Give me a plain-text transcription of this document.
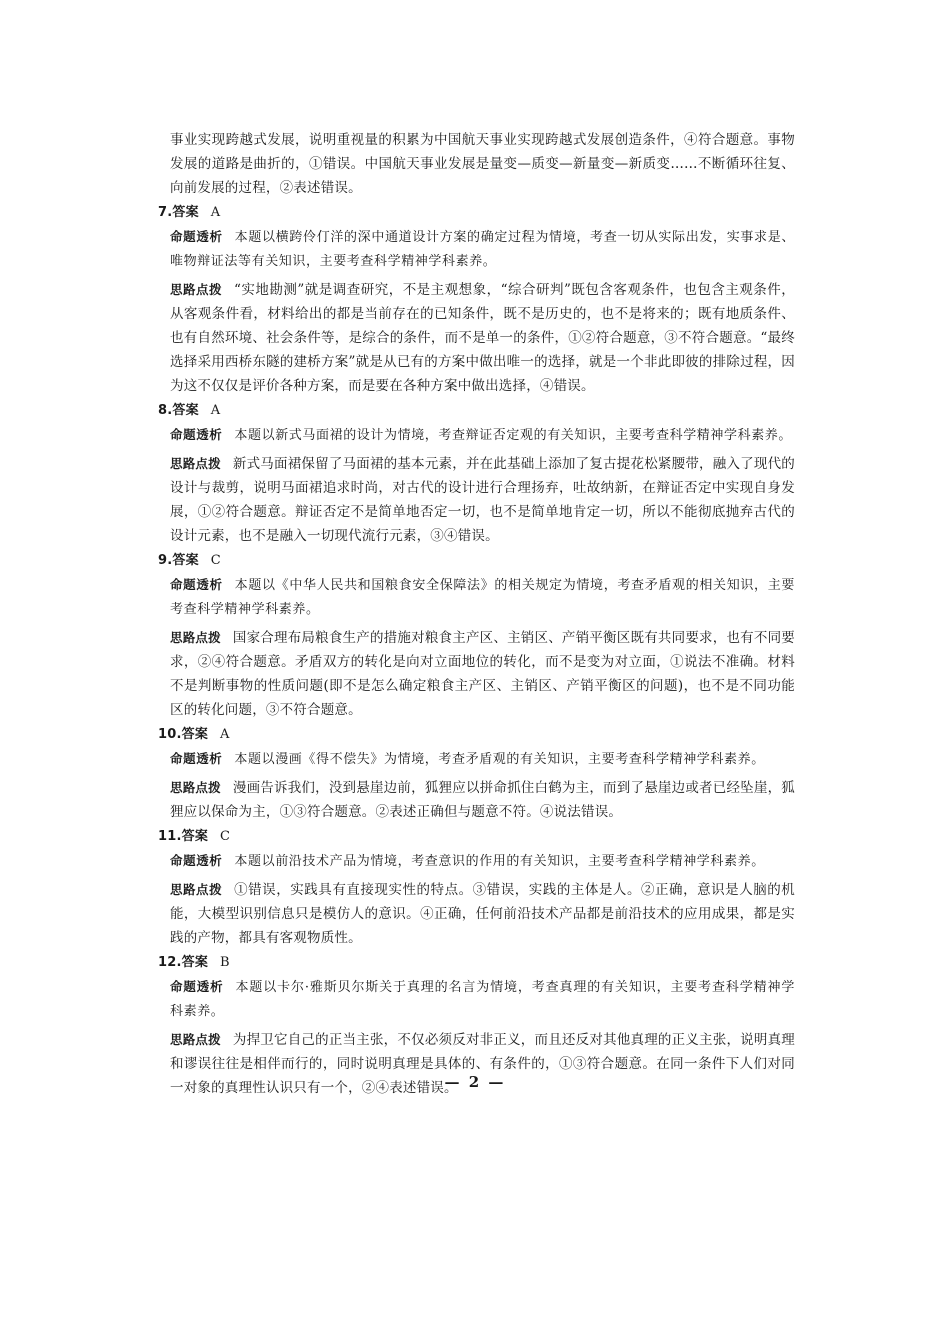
事业实现跨越式发展，说明重视量的积累为中国航天事业实现跨越式发展创造条件，④符合题意。事物发展的道路是曲折的，①错误。中国航天事业发展是量变—质变—新量变—新质变……不断循环往复、向前发展的过程，②表述错误。

7.答案 A

命题透析 本题以横跨伶仃洋的深中通道设计方案的确定过程为情境，考查一切从实际出发，实事求是、唯物辩证法等有关知识，主要考查科学精神学科素养。

思路点拨 “实地勘测”就是调查研究，不是主观想象，“综合研判”既包含客观条件，也包含主观条件，从客观条件看，材料给出的都是当前存在的已知条件，既不是历史的，也不是将来的；既有地质条件、也有自然环境、社会条件等，是综合的条件，而不是单一的条件，①②符合题意，③不符合题意。“最终选择采用西桥东隧的建桥方案”就是从已有的方案中做出唯一的选择，就是一个非此即彼的排除过程，因为这不仅仅是评价各种方案，而是要在各种方案中做出选择，④错误。

8.答案 A

命题透析 本题以新式马面裙的设计为情境，考查辩证否定观的有关知识，主要考查科学精神学科素养。

思路点拨 新式马面裙保留了马面裙的基本元素，并在此基础上添加了复古提花松紧腰带，融入了现代的设计与裁剪，说明马面裙追求时尚，对古代的设计进行合理扬弃，吐故纳新，在辩证否定中实现自身发展，①②符合题意。辩证否定不是简单地否定一切，也不是简单地肯定一切，所以不能彻底抛弃古代的设计元素，也不是融入一切现代流行元素，③④错误。

9.答案 C

命题透析 本题以《中华人民共和国粮食安全保障法》的相关规定为情境，考查矛盾观的相关知识，主要考查科学精神学科素养。

思路点拨 国家合理布局粮食生产的措施对粮食主产区、主销区、产销平衡区既有共同要求，也有不同要求，②④符合题意。矛盾双方的转化是向对立面地位的转化，而不是变为对立面，①说法不准确。材料不是判断事物的性质问题(即不是怎么确定粮食主产区、主销区、产销平衡区的问题)，也不是不同功能区的转化问题，③不符合题意。

10.答案 A

命题透析 本题以漫画《得不偿失》为情境，考查矛盾观的有关知识，主要考查科学精神学科素养。

思路点拨 漫画告诉我们，没到悬崖边前，狐狸应以拼命抓住白鹤为主，而到了悬崖边或者已经坠崖，狐狸应以保命为主，①③符合题意。②表述正确但与题意不符。④说法错误。

11.答案 C

命题透析 本题以前沿技术产品为情境，考查意识的作用的有关知识，主要考查科学精神学科素养。

思路点拨 ①错误，实践具有直接现实性的特点。③错误，实践的主体是人。②正确，意识是人脑的机能，大模型识别信息只是模仿人的意识。④正确，任何前沿技术产品都是前沿技术的应用成果，都是实践的产物，都具有客观物质性。

12.答案 B

命题透析 本题以卡尔·雅斯贝尔斯关于真理的名言为情境，考查真理的有关知识，主要考查科学精神学科素养。

思路点拨 为捍卫它自己的正当主张，不仅必须反对非正义，而且还反对其他真理的正义主张，说明真理和谬误往往是相伴而行的，同时说明真理是具体的、有条件的，①③符合题意。在同一条件下人们对同一对象的真理性认识只有一个，②④表述错误。

— 2 —
